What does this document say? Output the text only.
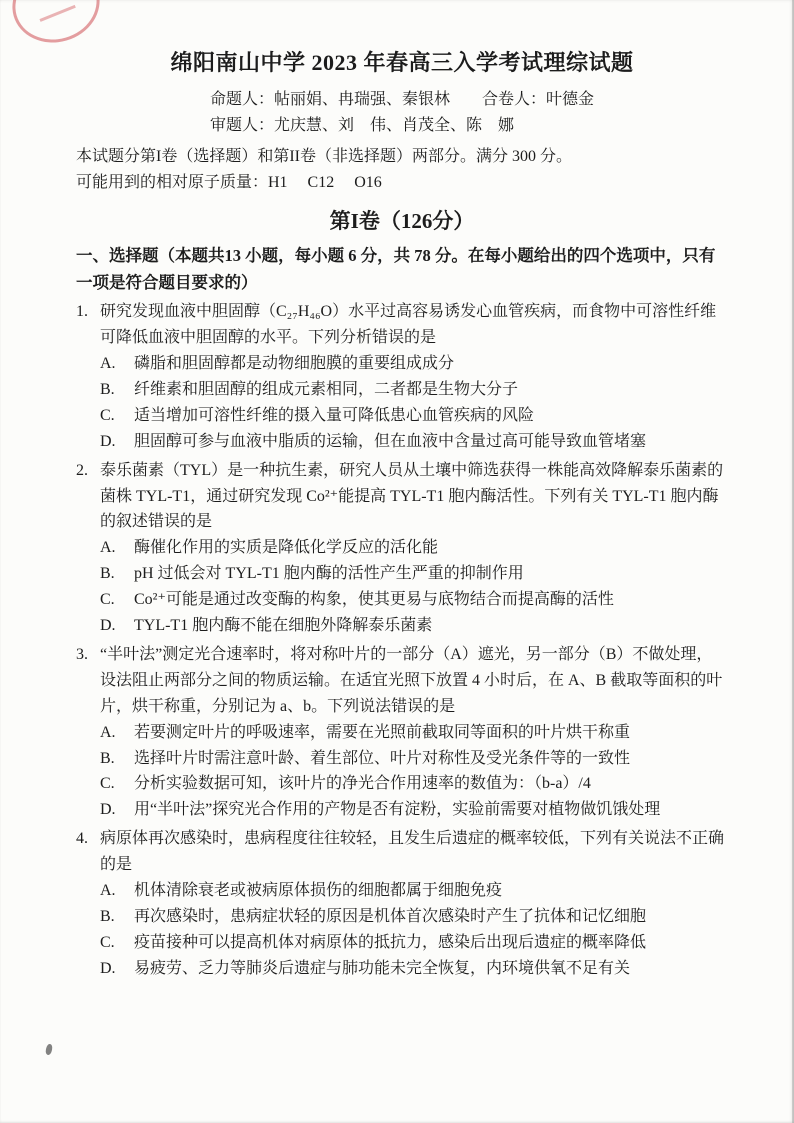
绵阳南山中学 2023 年春高三入学考试理综试题
命题人：帖丽娟、冉瑞强、秦银林　　合卷人：叶德金
审题人：尤庆慧、刘　伟、肖茂全、陈　娜
本试题分第I卷（选择题）和第II卷（非选择题）两部分。满分 300 分。
可能用到的相对原子质量：H1　 C12　 O16
第I卷（126分）
一、选择题（本题共13 小题，每小题 6 分，共 78 分。在每小题给出的四个选项中，只有一项是符合题目要求的）
1. 研究发现血液中胆固醇（C₂₇H₄₆O）水平过高容易诱发心血管疾病，而食物中可溶性纤维可降低血液中胆固醇的水平。下列分析错误的是
A.	磷脂和胆固醇都是动物细胞膜的重要组成成分
B.	纤维素和胆固醇的组成元素相同，二者都是生物大分子
C.	适当增加可溶性纤维的摄入量可降低患心血管疾病的风险
D.	胆固醇可参与血液中脂质的运输，但在血液中含量过高可能导致血管堵塞
2. 泰乐菌素（TYL）是一种抗生素，研究人员从土壤中筛选获得一株能高效降解泰乐菌素的菌株 TYL-T1，通过研究发现 Co²⁺能提高 TYL-T1 胞内酶活性。下列有关 TYL-T1 胞内酶的叙述错误的是
A.	酶催化作用的实质是降低化学反应的活化能
B.	pH 过低会对 TYL-T1 胞内酶的活性产生严重的抑制作用
C.	Co²⁺可能是通过改变酶的构象，使其更易与底物结合而提高酶的活性
D.	TYL-T1 胞内酶不能在细胞外降解泰乐菌素
3. “半叶法”测定光合速率时，将对称叶片的一部分（A）遮光，另一部分（B）不做处理，设法阻止两部分之间的物质运输。在适宜光照下放置 4 小时后，在 A、B 截取等面积的叶片，烘干称重，分别记为 a、b。下列说法错误的是
A.	若要测定叶片的呼吸速率，需要在光照前截取同等面积的叶片烘干称重
B.	选择叶片时需注意叶龄、着生部位、叶片对称性及受光条件等的一致性
C.	分析实验数据可知，该叶片的净光合作用速率的数值为：（b-a）/4
D.	用“半叶法”探究光合作用的产物是否有淀粉，实验前需要对植物做饥饿处理
4. 病原体再次感染时，患病程度往往较轻，且发生后遗症的概率较低，下列有关说法不正确的是
A.	机体清除衰老或被病原体损伤的细胞都属于细胞免疫
B.	再次感染时，患病症状轻的原因是机体首次感染时产生了抗体和记忆细胞
C.	疫苗接种可以提高机体对病原体的抵抗力，感染后出现后遗症的概率降低
D.	易疲劳、乏力等肺炎后遗症与肺功能未完全恢复，内环境供氧不足有关
